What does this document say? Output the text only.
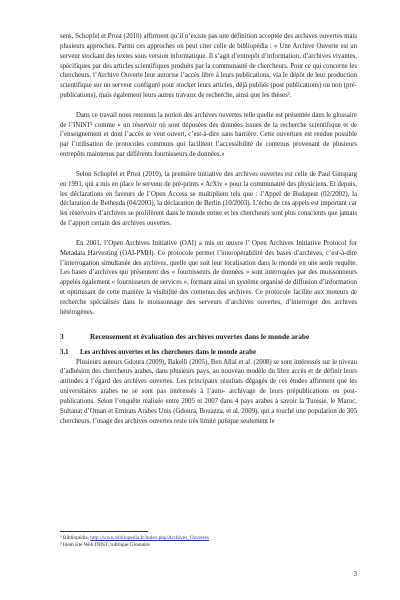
sens, Schopfel et Prost (2010) affirment qu’il n’existe pas une définition acceptée des archives ouvertes mais plusieurs approches. Parmi ces approches on peut citer celle de bibliopédia : « Une Archive Ouverte est un serveur stockant des textes sous version informatique. Il s’agit d’entrepôt d’information, d’archives vivantes, spécifiques par des articles scientifiques produits par la communauté de chercheurs. Pour ce qui concerne les chercheurs, l’Archive Ouverte leur autorise l’accès libre à leurs publications, via le dépôt de leur production scientifique sur un serveur configuré pour stocker leurs articles, déjà publiés (post publications) ou non (pré-publications), mais également leurs autres travaux de recherche, ainsi que les thèses².

Dans ce travail nous retenons la notion des archives ouvertes telle quelle est présentée dans le glossaire de l’INIST³ comme « un réservoir où sont déposées des données issues de la recherche scientifique et de l’enseignement et dont l’accès se veut ouvert, c’est-à-dire sans barrière. Cette ouverture est rendue possible par l’utilisation de protocoles communs qui facilitent l’accessibilité de contenus provenant de plusieurs entrepôts maintenus par différents fournisseurs de données.»

Selon Schopfel et Prost (2010), la première initiative des archives ouvertes est celle de Paul Ginsparg en 1991, qui a mis en place le serveur de pré-prints « ArXiv » pour la communauté des physiciens. Et depuis, les déclarations en faveurs de l’Open Access se multiplient tels que : l’Appel de Budapest (02/2002), la déclaration de Bethesda (04/2003), la déclaration de Berlin (10/2003). L’écho de ces appels est important car les réservoirs d’archives se prolifèrent dans le monde entier et les chercheurs sont plus conscients que jamais de l’apport certain des archives ouvertes.

En 2001, l’Open Archives Initiative (OAI) a mis en œuvre l’ Open Archives Initiative Protocol for Metadata Harvesting (OAI-PMH). Ce protocole permet l’interopérabilité des bases d’archives, c’est-à-dire l’interrogation simultanée des archives, quelle que soit leur localisation dans le monde en une seule requête. Les bases d’archives qui présentent des « fournisseurs de données » sont interrogées par des moissonneurs appelés également « fournisseurs de services », formant ainsi un système organisé de diffusion d’information et optimisant de cette manière la visibilité des contenus des archives. Ce protocole facilite aux moteurs de recherche spécialisés dans le moissonnage des serveurs d’archives ouvertes, d’interroger des archives hétérogènes.

3	Recensement et évaluation des archives ouvertes dans le monde arabe
3.1	Les archives ouvertes et les chercheurs dans le monde arabe

Plusieurs auteurs Gdoura (2009), Bakelli (2005), Ben Allal et al. (2008) se sont intéressés sur le niveau d’adhésion des chercheurs arabes, dans plusieurs pays, au nouveau modèle du libre accès et de définir leurs attitudes à l’égard des archives ouvertes. Les principaux résultats dégagés de ces études affirment que les universitaires arabes ne se sont pas intéressés à l’auto- archivage de leurs prépublications ou post-publications. Selon l’enquête réalisée entre 2005 et 2007 dans 4 pays arabes à savoir la Tunisie, le Maroc, Sultanat d’Oman et Emirats Arabes Unis (Gdoura, Bouazza, et al. 2009), qui a touché une population de 305 chercheurs, l’usage des archives ouvertes reste très limité puisque seulement le

² Bibliopédia, http://www.bibliopedia.fr/index.php/Archives_Ouvertes
³ Idem site Web INIST, rubrique Glossaire
3
